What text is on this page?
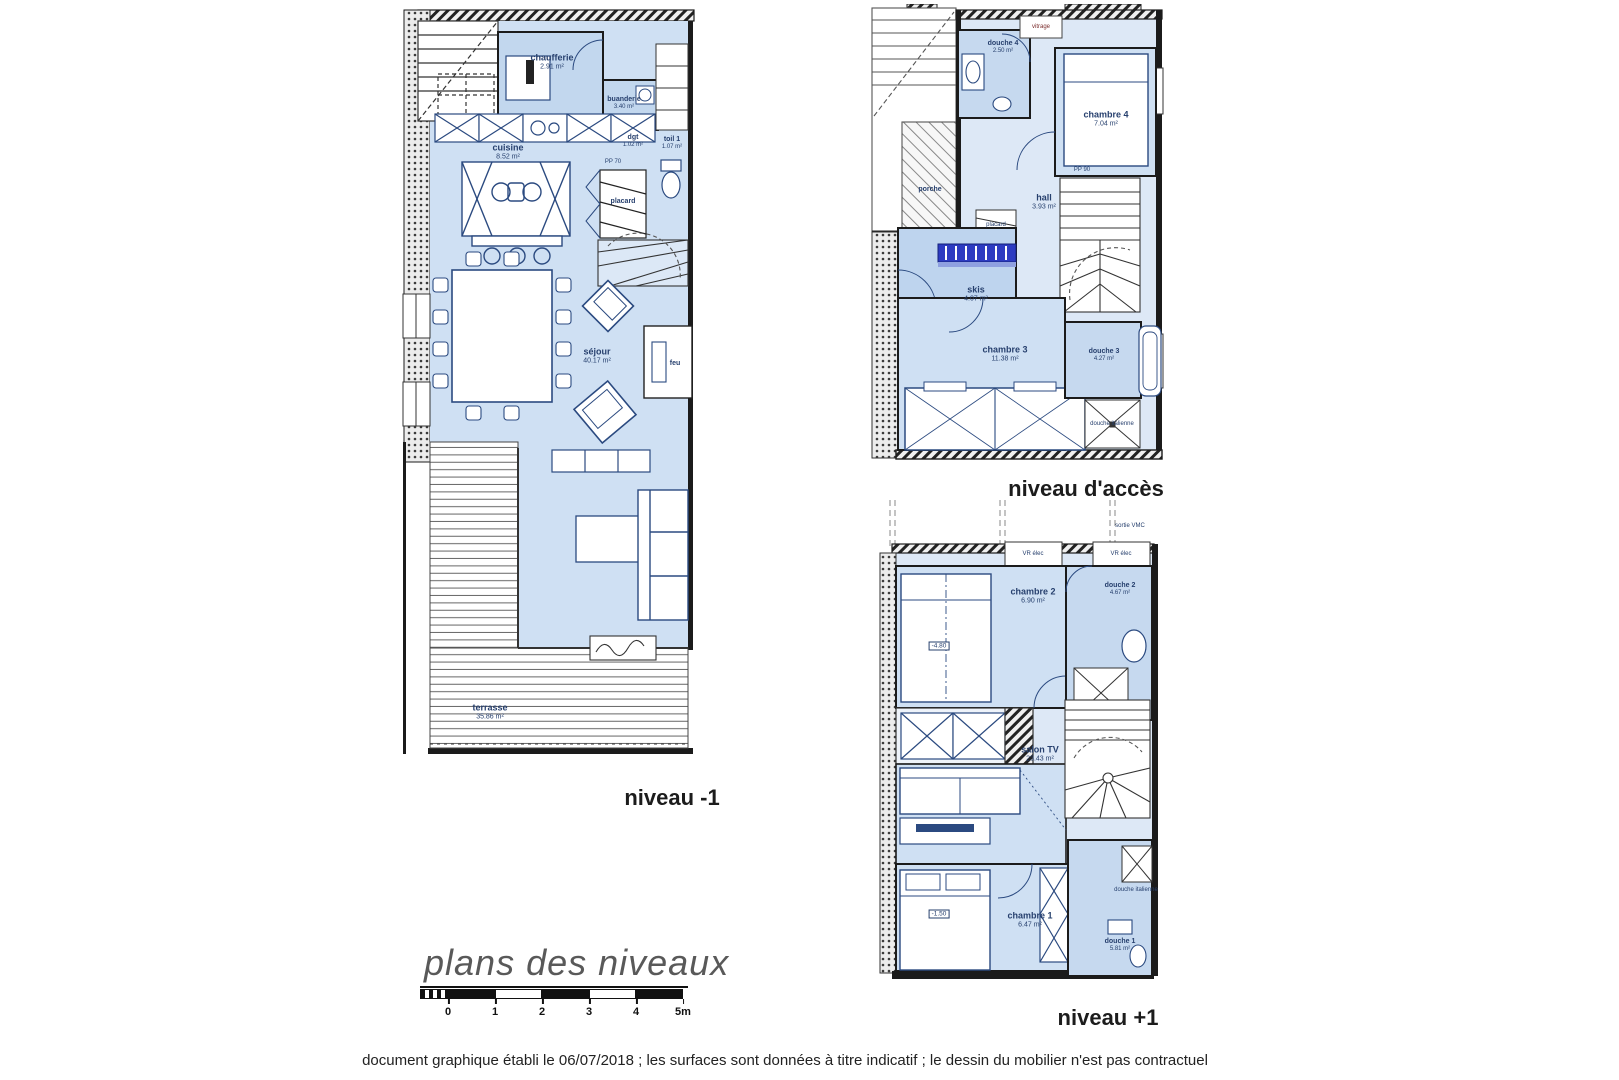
chaufferie
2.91 m²
buanderie
3.40 m²
cuisine
8.52 m²
dgt
1.02 m²
toil 1
1.07 m²
placard
PP 70
séjour
40.17 m²	feu
terrasse
35.86 m²
niveau -1
porche
vitrage
douche 4
2.50 m²
chambre 4
7.04 m²
hall
3.93 m²
placard
PP 90
skis
4.07 m²
chambre 3
11.38 m²
douche 3
4.27 m²
douche italienne
niveau d'accès
sortie VMC
VR élec	VR élec
chambre 2
6.90 m²
-4.80
douche 2
4.67 m²
salon TV
23.43 m²
chambre 1
6.47 m²
-1.50
douche 1
5.81 m²
douche italienne
niveau +1
plans des niveaux
0	1	2	3	4	5m
document graphique établi le 06/07/2018 ; les surfaces sont données à titre indicatif ; le dessin du mobilier n'est pas contractuel
